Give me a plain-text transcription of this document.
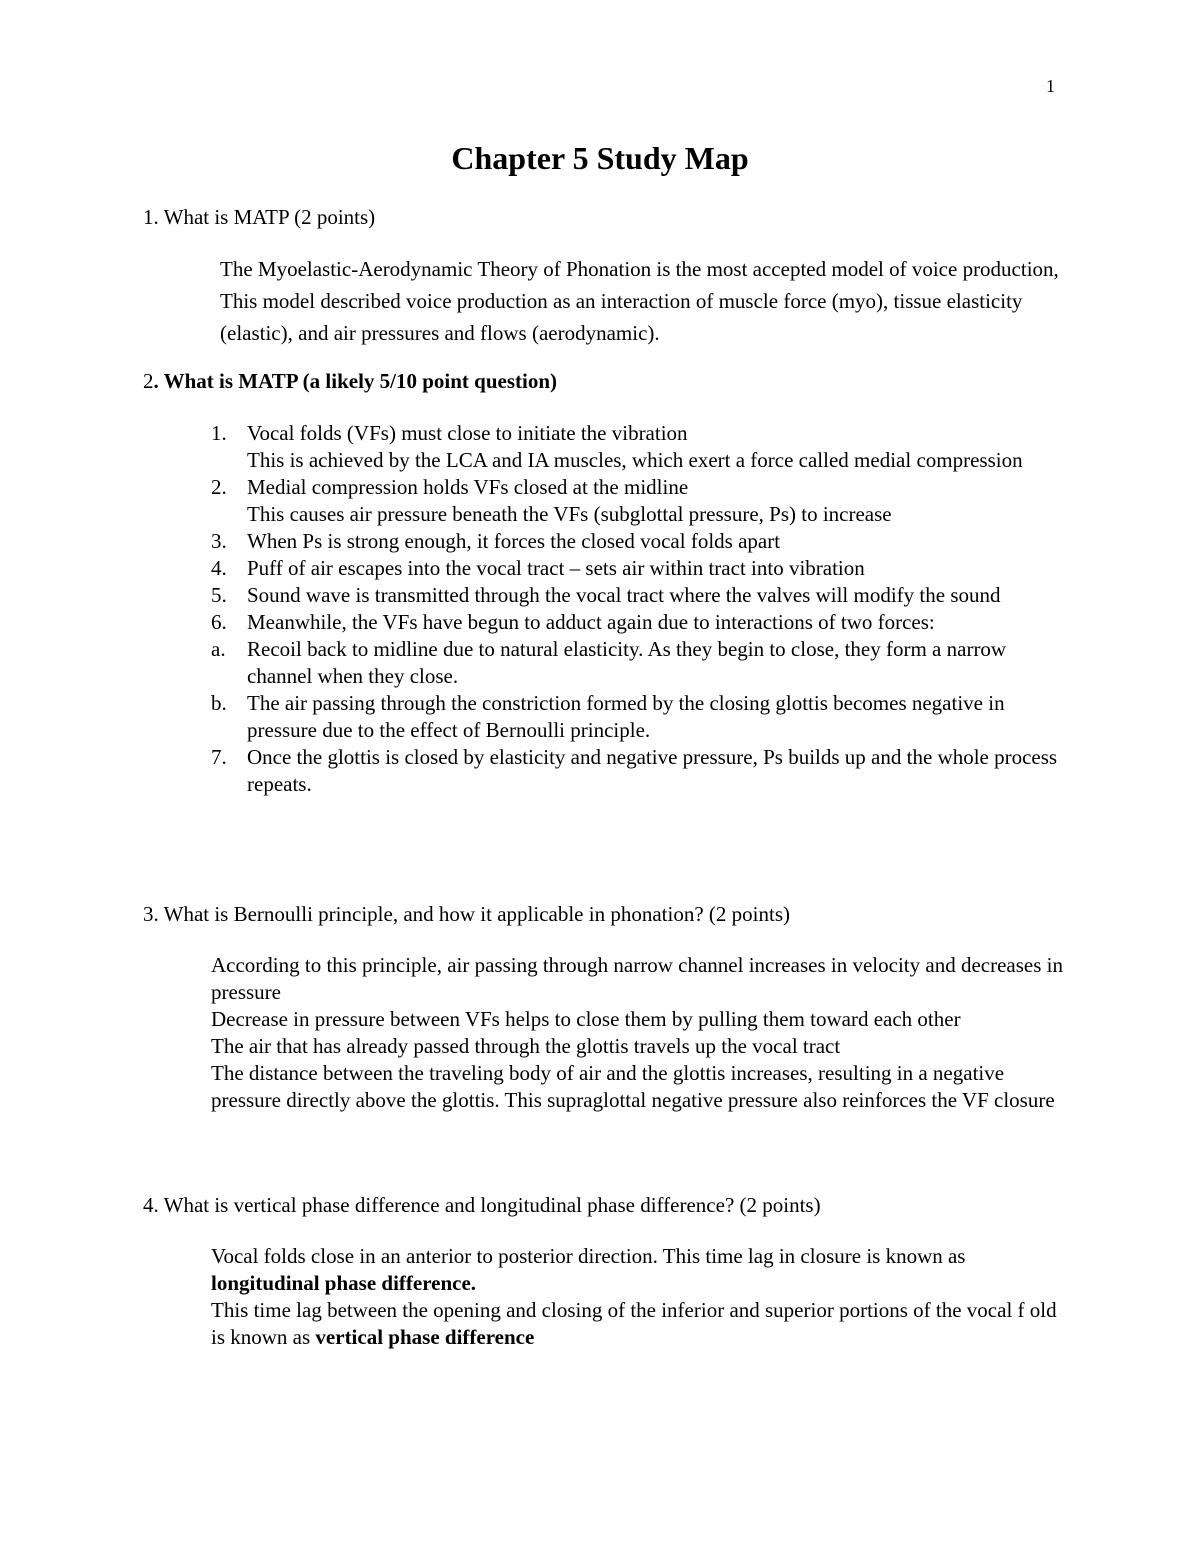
1
Chapter 5 Study Map
1. What is MATP (2 points)
The Myoelastic-Aerodynamic Theory of Phonation is the most accepted model of voice production, This model described voice production as an interaction of muscle force (myo), tissue elasticity (elastic), and air pressures and flows (aerodynamic).
2. What is MATP (a likely 5/10 point question)
1. Vocal folds (VFs) must close to initiate the vibration
This is achieved by the LCA and IA muscles, which exert a force called medial compression
2. Medial compression holds VFs closed at the midline
This causes air pressure beneath the VFs (subglottal pressure, Ps) to increase
3. When Ps is strong enough, it forces the closed vocal folds apart
4. Puff of air escapes into the vocal tract – sets air within tract into vibration
5. Sound wave is transmitted through the vocal tract where the valves will modify the sound
6. Meanwhile, the VFs have begun to adduct again due to interactions of two forces:
a. Recoil back to midline due to natural elasticity. As they begin to close, they form a narrow channel when they close.
b. The air passing through the constriction formed by the closing glottis becomes negative in pressure due to the effect of Bernoulli principle.
7. Once the glottis is closed by elasticity and negative pressure, Ps builds up and the whole process repeats.
3. What is Bernoulli principle, and how it applicable in phonation? (2 points)
According to this principle, air passing through narrow channel increases in velocity and decreases in pressure
Decrease in pressure between VFs helps to close them by pulling them toward each other
The air that has already passed through the glottis travels up the vocal tract
The distance between the traveling body of air and the glottis increases, resulting in a negative pressure directly above the glottis. This supraglottal negative pressure also reinforces the VF closure
4. What is vertical phase difference and longitudinal phase difference? (2 points)
Vocal folds close in an anterior to posterior direction. This time lag in closure is known as longitudinal phase difference.
This time lag between the opening and closing of the inferior and superior portions of the vocal f old is known as vertical phase difference
